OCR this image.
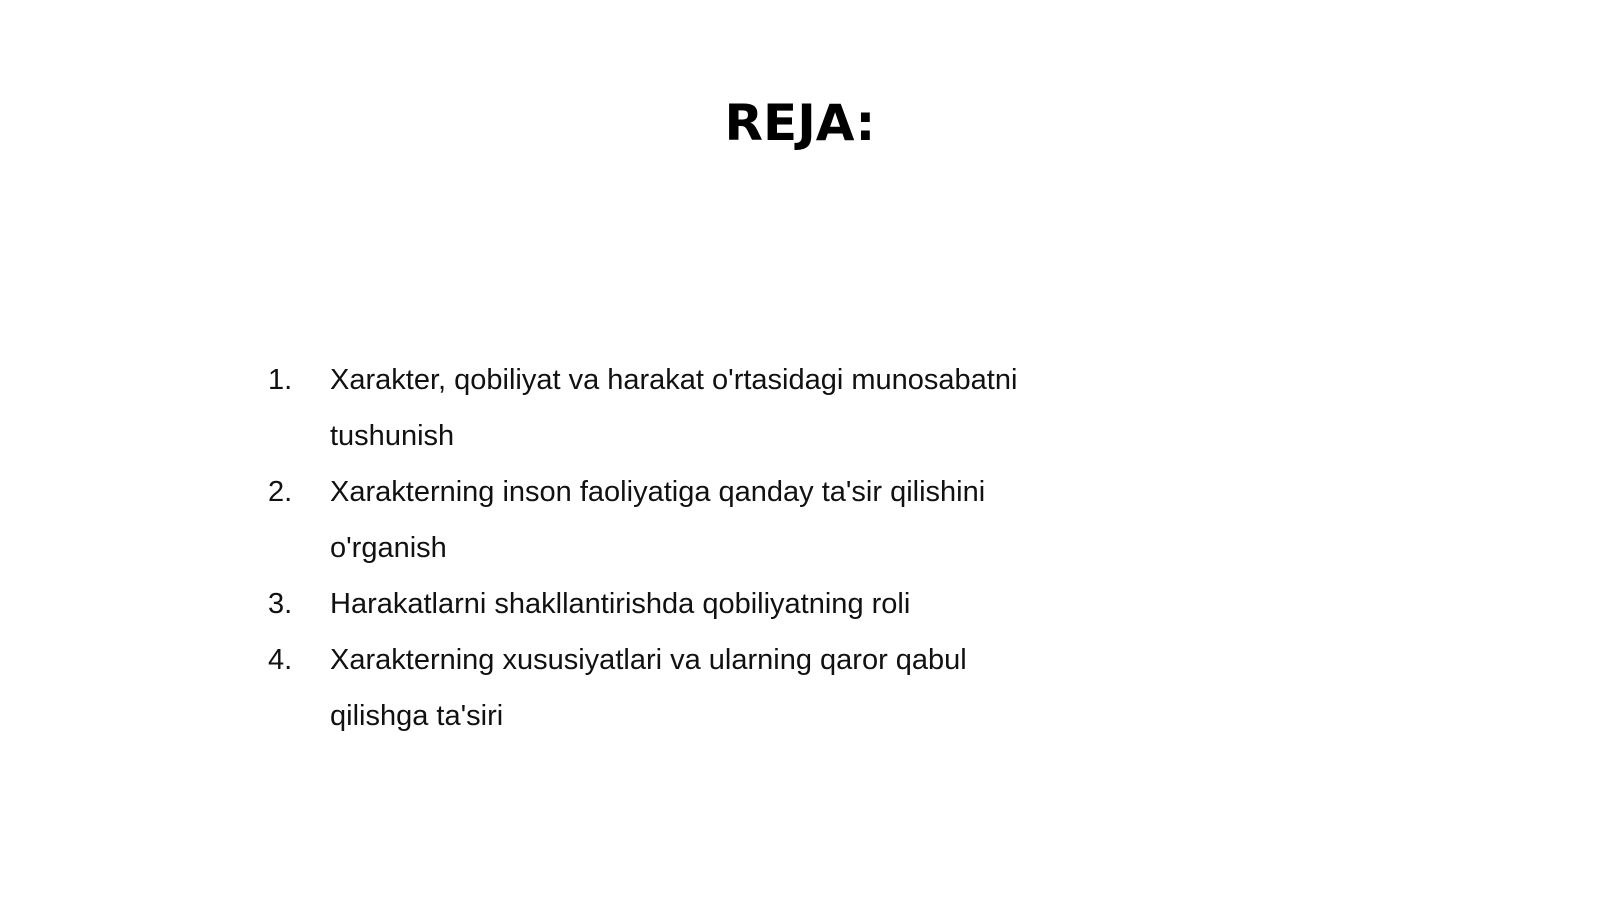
REJA:
1.	Xarakter, qobiliyat va harakat o'rtasidagi munosabatni tushunish
2.	Xarakterning inson faoliyatiga qanday ta'sir qilishini o'rganish
3.	Harakatlarni shakllantirishda qobiliyatning roli
4.	Xarakterning xususiyatlari va ularning qaror qabul qilishga ta'siri
